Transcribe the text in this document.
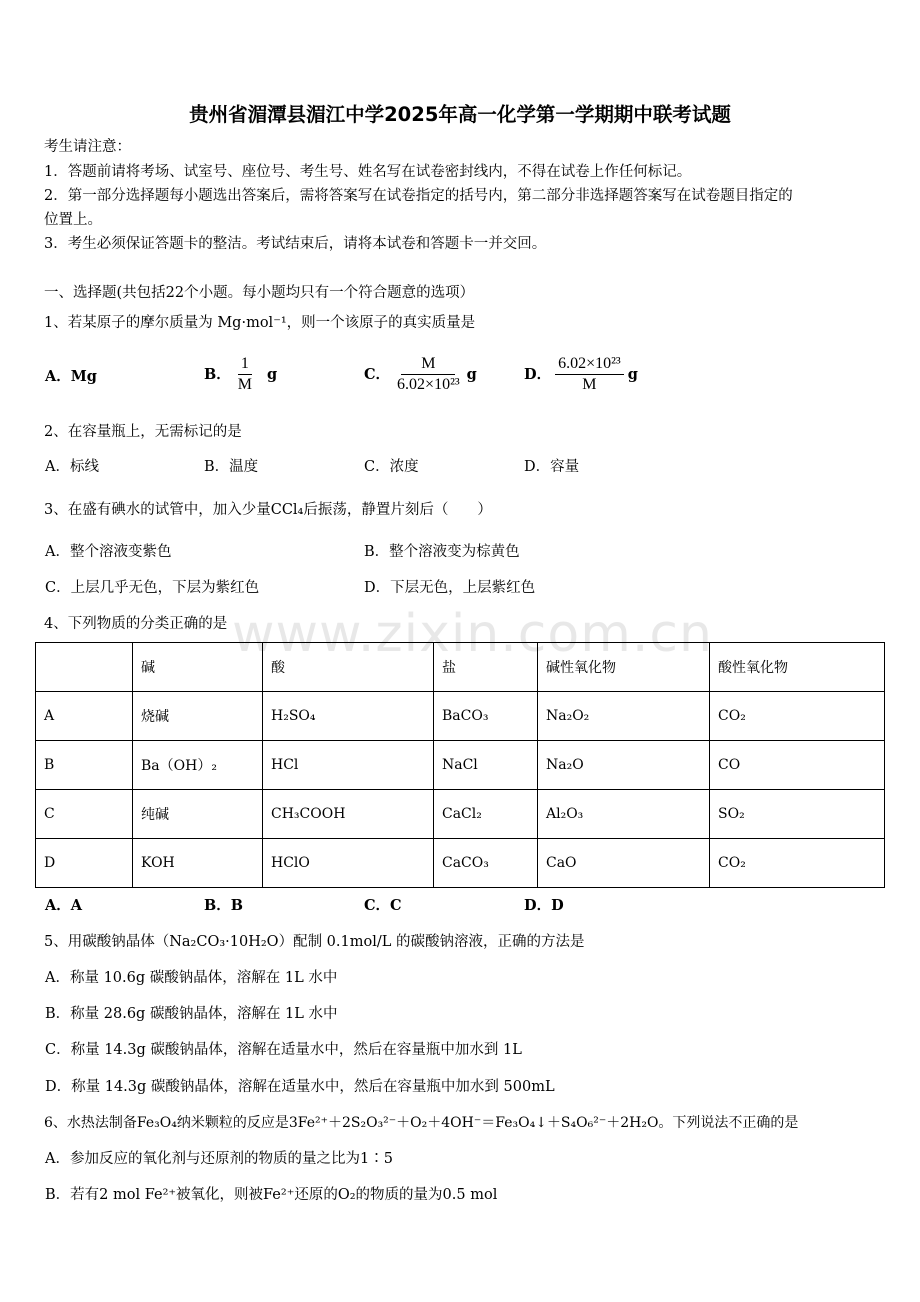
www.zixin.com.cn
贵州省湄潭县湄江中学2025年高一化学第一学期期中联考试题
考生请注意：
1．答题前请将考场、试室号、座位号、考生号、姓名写在试卷密封线内，不得在试卷上作任何标记。
2．第一部分选择题每小题选出答案后，需将答案写在试卷指定的括号内，第二部分非选择题答案写在试卷题目指定的
位置上。
3．考生必须保证答题卡的整洁。考试结束后，请将本试卷和答题卡一并交回。
一、选择题(共包括22个小题。每小题均只有一个符合题意的选项）
1、若某原子的摩尔质量为 Mg·mol⁻¹，则一个该原子的真实质量是
A．Mg	B． $\frac{1}{M}$ g	C． $\frac{M}{\text{6.02×10²³}}$ g	D． $\frac{\text{6.02×10²³}}{M}$ g
2、在容量瓶上，无需标记的是
A．标线	B．温度	C．浓度	D．容量
3、在盛有碘水的试管中，加入少量CCl₄后振荡，静置片刻后（　　）
A．整个溶液变紫色	B．整个溶液变为棕黄色
C．上层几乎无色，下层为紫红色	D．下层无色，上层紫红色
4、下列物质的分类正确的是
	碱	酸	盐	碱性氧化物	酸性氧化物
A	烧碱	H₂SO₄	BaCO₃	Na₂O₂	CO₂
B	Ba（OH）₂	HCl	NaCl	Na₂O	CO
C	纯碱	CH₃COOH	CaCl₂	Al₂O₃	SO₂
D	KOH	HClO	CaCO₃	CaO	CO₂
A．A	B．B	C．C	D．D
5、用碳酸钠晶体（Na₂CO₃·10H₂O）配制 0.1mol/L 的碳酸钠溶液，正确的方法是
A．称量 10.6g 碳酸钠晶体，溶解在 1L 水中
B．称量 28.6g 碳酸钠晶体，溶解在 1L 水中
C．称量 14.3g 碳酸钠晶体，溶解在适量水中，然后在容量瓶中加水到 1L
D．称量 14.3g 碳酸钠晶体，溶解在适量水中，然后在容量瓶中加水到 500mL
6、水热法制备Fe₃O₄纳米颗粒的反应是3Fe²⁺＋2S₂O₃²⁻＋O₂＋4OH⁻＝Fe₃O₄↓＋S₄O₆²⁻＋2H₂O。下列说法不正确的是
A．参加反应的氧化剂与还原剂的物质的量之比为1∶5
B．若有2 mol Fe²⁺被氧化，则被Fe²⁺还原的O₂的物质的量为0.5 mol
